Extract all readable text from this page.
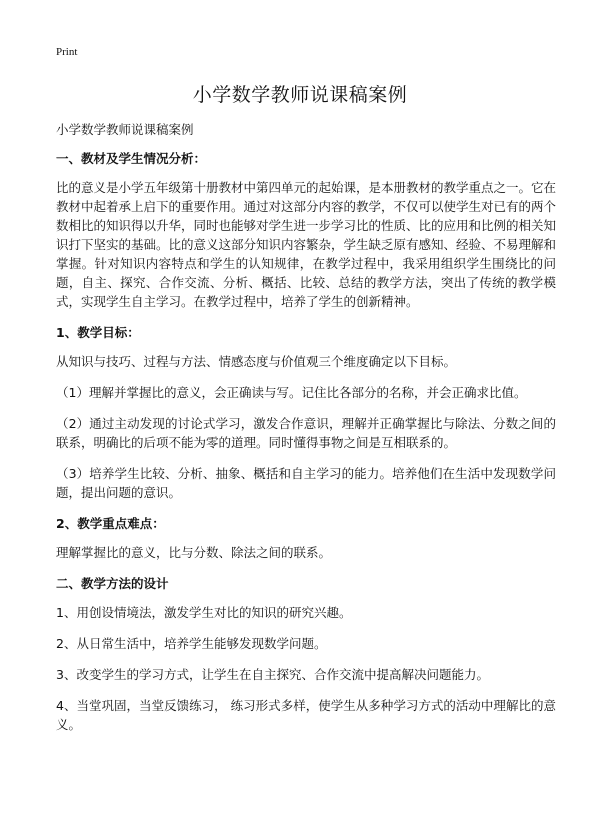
Print
小学数学教师说课稿案例

小学数学教师说课稿案例

一、教材及学生情况分析：

比的意义是小学五年级第十册教材中第四单元的起始课，是本册教材的教学重点之一。它在教材中起着承上启下的重要作用。通过对这部分内容的教学，不仅可以使学生对已有的两个数相比的知识得以升华，同时也能够对学生进一步学习比的性质、比的应用和比例的相关知识打下坚实的基础。比的意义这部分知识内容繁杂，学生缺乏原有感知、经验、不易理解和掌握。针对知识内容特点和学生的认知规律，在教学过程中，我采用组织学生围绕比的问题，自主、探究、合作交流、分析、概括、比较、总结的教学方法，突出了传统的教学模式，实现学生自主学习。在教学过程中，培养了学生的创新精神。

1、教学目标：

从知识与技巧、过程与方法、情感态度与价值观三个维度确定以下目标。

（1）理解并掌握比的意义，会正确读与写。记住比各部分的名称，并会正确求比值。

（2）通过主动发现的讨论式学习，激发合作意识，理解并正确掌握比与除法、分数之间的联系，明确比的后项不能为零的道理。同时懂得事物之间是互相联系的。

（3）培养学生比较、分析、抽象、概括和自主学习的能力。培养他们在生活中发现数学问题，提出问题的意识。

2、教学重点难点：

理解掌握比的意义，比与分数、除法之间的联系。

二、教学方法的设计

1、用创设情境法，激发学生对比的知识的研究兴趣。

2、从日常生活中，培养学生能够发现数学问题。

3、改变学生的学习方式，让学生在自主探究、合作交流中提高解决问题能力。

4、当堂巩固，当堂反馈练习， 练习形式多样，使学生从多种学习方式的活动中理解比的意义。
